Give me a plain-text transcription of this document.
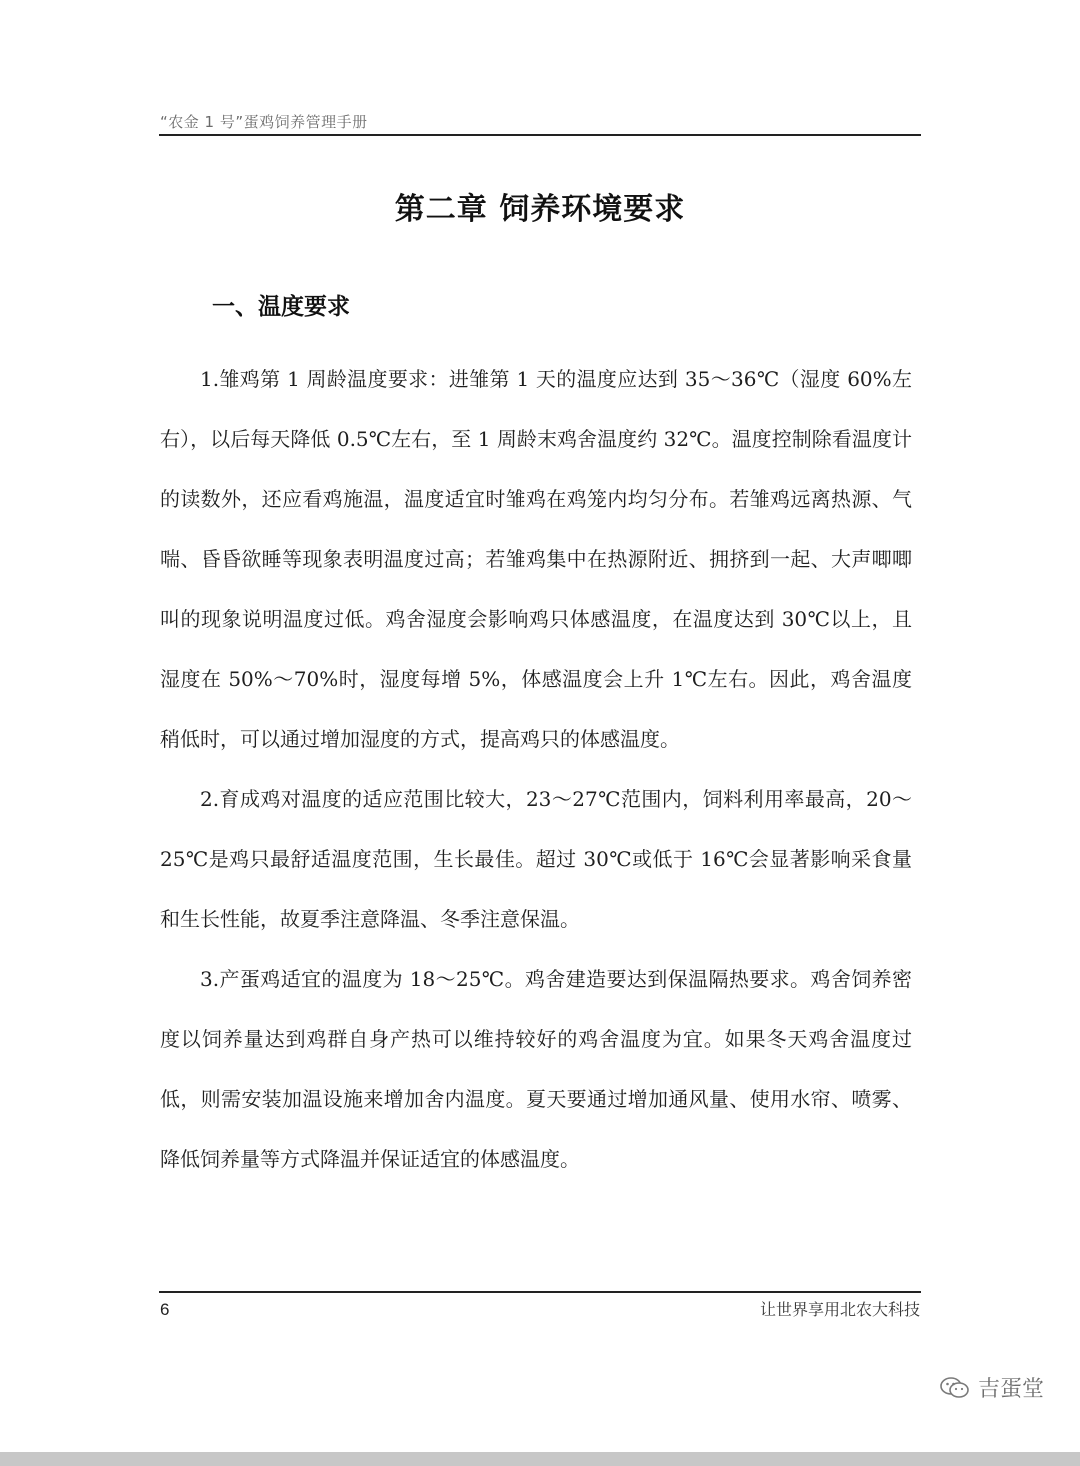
“农金 1 号”蛋鸡饲养管理手册
第二章 饲养环境要求
一、温度要求

1.雏鸡第 1 周龄温度要求：进雏第 1 天的温度应达到 35～36℃（湿度 60%左右），以后每天降低 0.5℃左右，至 1 周龄末鸡舍温度约 32℃。温度控制除看温度计的读数外，还应看鸡施温，温度适宜时雏鸡在鸡笼内均匀分布。若雏鸡远离热源、气喘、昏昏欲睡等现象表明温度过高；若雏鸡集中在热源附近、拥挤到一起、大声唧唧叫的现象说明温度过低。鸡舍湿度会影响鸡只体感温度，在温度达到 30℃以上，且湿度在 50%～70%时，湿度每增 5%，体感温度会上升 1℃左右。因此，鸡舍温度稍低时，可以通过增加湿度的方式，提高鸡只的体感温度。

2.育成鸡对温度的适应范围比较大，23～27℃范围内，饲料利用率最高，20～25℃是鸡只最舒适温度范围，生长最佳。超过 30℃或低于 16℃会显著影响采食量和生长性能，故夏季注意降温、冬季注意保温。

3.产蛋鸡适宜的温度为 18～25℃。鸡舍建造要达到保温隔热要求。鸡舍饲养密度以饲养量达到鸡群自身产热可以维持较好的鸡舍温度为宜。如果冬天鸡舍温度过低，则需安装加温设施来增加舍内温度。夏天要通过增加通风量、使用水帘、喷雾、降低饲养量等方式降温并保证适宜的体感温度。

6	让世界享用北农大科技
吉蛋堂
